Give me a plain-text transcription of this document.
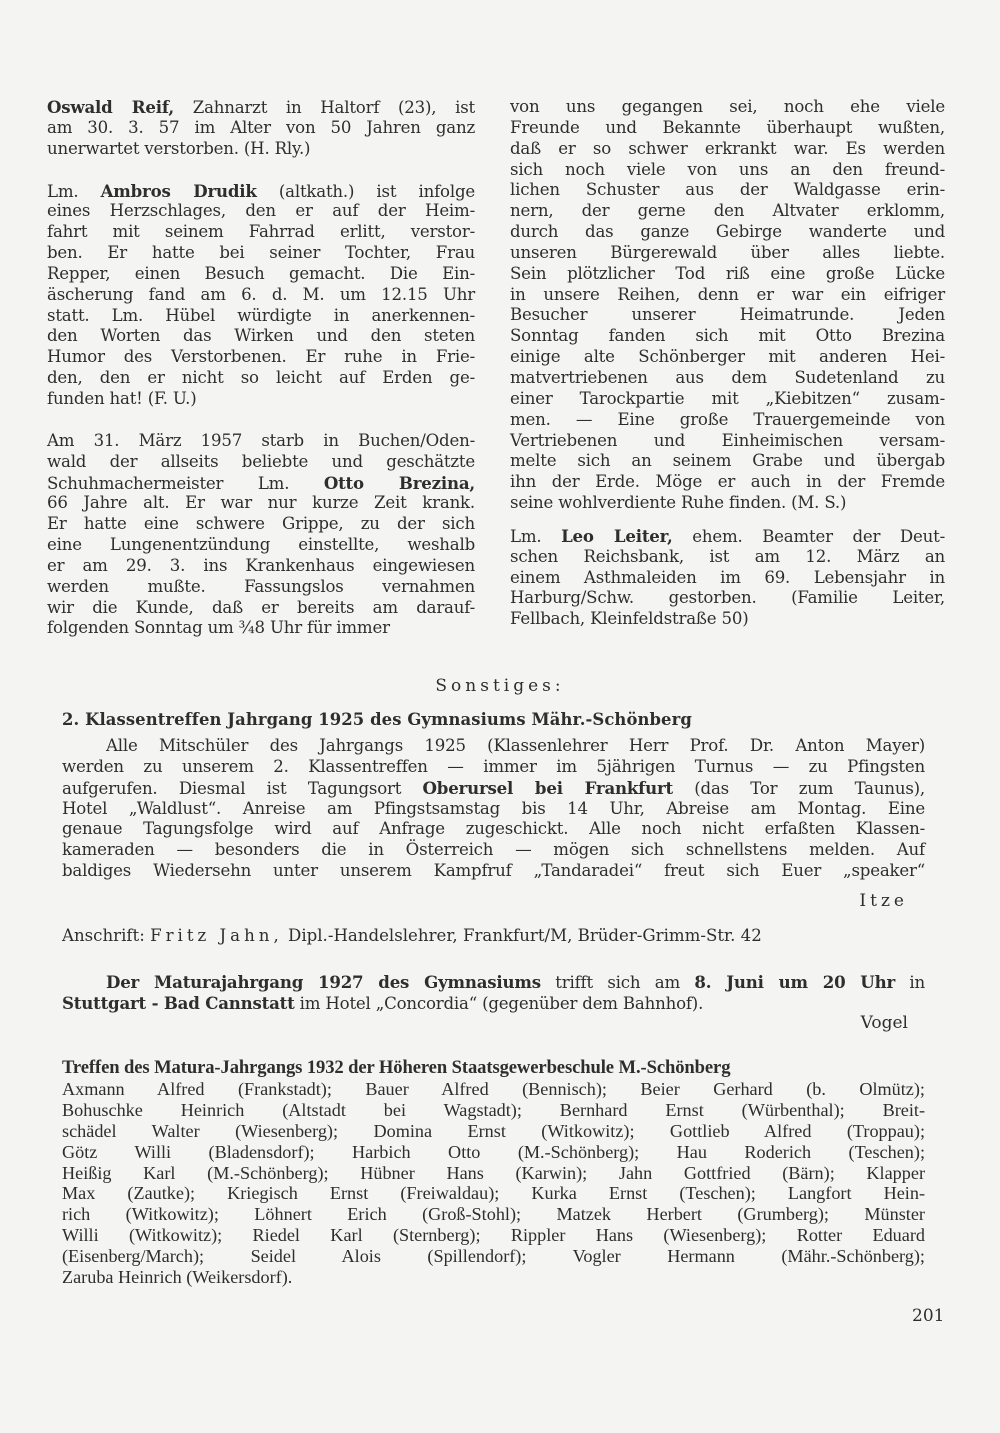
Oswald Reif, Zahnarzt in Haltorf (23), ist
am 30. 3. 57 im Alter von 50 Jahren ganz
unerwartet verstorben. (H. Rly.)
Lm. Ambros Drudik (altkath.) ist infolge
eines Herzschlages, den er auf der Heim-
fahrt mit seinem Fahrrad erlitt, verstor-
ben. Er hatte bei seiner Tochter, Frau
Repper, einen Besuch gemacht. Die Ein-
äscherung fand am 6. d. M. um 12.15 Uhr
statt. Lm. Hübel würdigte in anerkennen-
den Worten das Wirken und den steten
Humor des Verstorbenen. Er ruhe in Frie-
den, den er nicht so leicht auf Erden ge-
funden hat! (F. U.)
Am 31. März 1957 starb in Buchen/Oden-
wald der allseits beliebte und geschätzte
Schuhmachermeister Lm. Otto Brezina,
66 Jahre alt. Er war nur kurze Zeit krank.
Er hatte eine schwere Grippe, zu der sich
eine Lungenentzündung einstellte, weshalb
er am 29. 3. ins Krankenhaus eingewiesen
werden mußte. Fassungslos vernahmen
wir die Kunde, daß er bereits am darauf-
folgenden Sonntag um ¾8 Uhr für immer
von uns gegangen sei, noch ehe viele
Freunde und Bekannte überhaupt wußten,
daß er so schwer erkrankt war. Es werden
sich noch viele von uns an den freund-
lichen Schuster aus der Waldgasse erin-
nern, der gerne den Altvater erklomm,
durch das ganze Gebirge wanderte und
unseren Bürgerewald über alles liebte.
Sein plötzlicher Tod riß eine große Lücke
in unsere Reihen, denn er war ein eifriger
Besucher unserer Heimatrunde. Jeden
Sonntag fanden sich mit Otto Brezina
einige alte Schönberger mit anderen Hei-
matvertriebenen aus dem Sudetenland zu
einer Tarockpartie mit „Kiebitzen“ zusam-
men. — Eine große Trauergemeinde von
Vertriebenen und Einheimischen versam-
melte sich an seinem Grabe und übergab
ihn der Erde. Möge er auch in der Fremde
seine wohlverdiente Ruhe finden. (M. S.)
Lm. Leo Leiter, ehem. Beamter der Deut-
schen Reichsbank, ist am 12. März an
einem Asthmaleiden im 69. Lebensjahr in
Harburg/Schw. gestorben. (Familie Leiter,
Fellbach, Kleinfeldstraße 50)
Sonstiges:
2. Klassentreffen Jahrgang 1925 des Gymnasiums Mähr.-Schönberg
Alle Mitschüler des Jahrgangs 1925 (Klassenlehrer Herr Prof. Dr. Anton Mayer)
werden zu unserem 2. Klassentreffen — immer im 5jährigen Turnus — zu Pfingsten
aufgerufen. Diesmal ist Tagungsort Oberursel bei Frankfurt (das Tor zum Taunus),
Hotel „Waldlust“. Anreise am Pfingstsamstag bis 14 Uhr, Abreise am Montag. Eine
genaue Tagungsfolge wird auf Anfrage zugeschickt. Alle noch nicht erfaßten Klassen-
kameraden — besonders die in Österreich — mögen sich schnellstens melden. Auf
baldiges Wiedersehn unter unserem Kampfruf „Tandaradei“ freut sich Euer „speaker“
Itze
Anschrift: Fritz Jahn, Dipl.-Handelslehrer, Frankfurt/M, Brüder-Grimm-Str. 42
Der Maturajahrgang 1927 des Gymnasiums trifft sich am 8. Juni um 20 Uhr in
Stuttgart - Bad Cannstatt im Hotel „Concordia“ (gegenüber dem Bahnhof).
Vogel
Treffen des Matura-Jahrgangs 1932 der Höheren Staatsgewerbeschule M.-Schönberg
Axmann Alfred (Frankstadt); Bauer Alfred (Bennisch); Beier Gerhard (b. Olmütz);
Bohuschke Heinrich (Altstadt bei Wagstadt); Bernhard Ernst (Würbenthal); Breit-
schädel Walter (Wiesenberg); Domina Ernst (Witkowitz); Gottlieb Alfred (Troppau);
Götz Willi (Bladensdorf); Harbich Otto (M.-Schönberg); Hau Roderich (Teschen);
Heißig Karl (M.-Schönberg); Hübner Hans (Karwin); Jahn Gottfried (Bärn); Klapper
Max (Zautke); Kriegisch Ernst (Freiwaldau); Kurka Ernst (Teschen); Langfort Hein-
rich (Witkowitz); Löhnert Erich (Groß-Stohl); Matzek Herbert (Grumberg); Münster
Willi (Witkowitz); Riedel Karl (Sternberg); Rippler Hans (Wiesenberg); Rotter Eduard
(Eisenberg/March); Seidel Alois (Spillendorf); Vogler Hermann (Mähr.-Schönberg);
Zaruba Heinrich (Weikersdorf).
201
